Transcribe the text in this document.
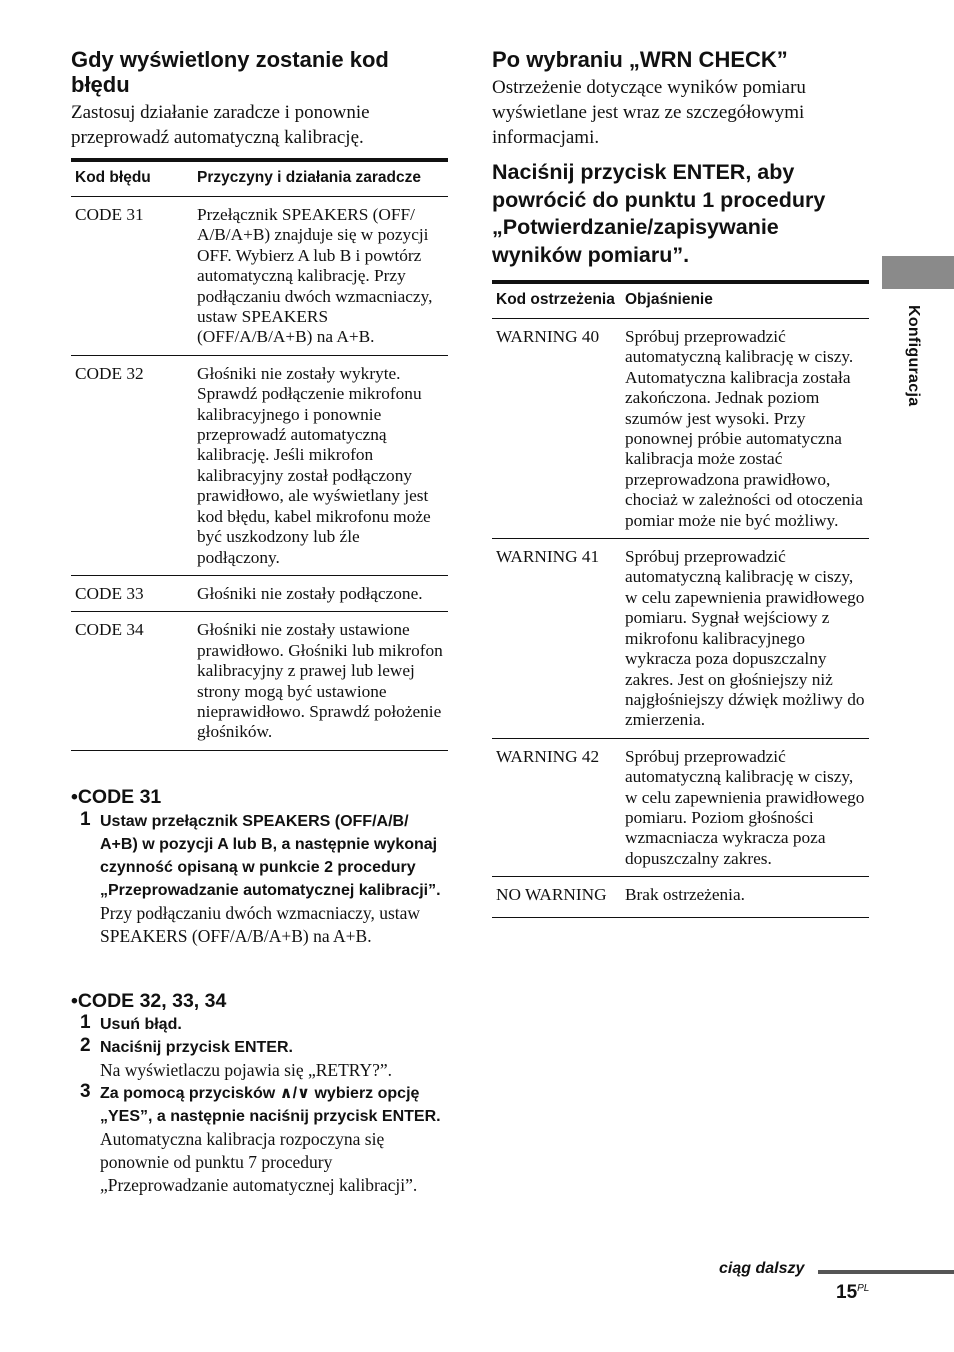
Gdy wyświetlony zostanie kod błędu

Zastosuj działanie zaradcze i ponownie przeprowadź automatyczną kalibrację.

Kod błędu	Przyczyny i działania zaradcze
CODE 31	Przełącznik SPEAKERS (OFF/ A/B/A+B) znajduje się w pozycji OFF. Wybierz A lub B i powtórz automatyczną kalibrację. Przy podłączaniu dwóch wzmacniaczy, ustaw SPEAKERS (OFF/A/B/A+B) na A+B.
CODE 32	Głośniki nie zostały wykryte. Sprawdź podłączenie mikrofonu kalibracyjnego i ponownie przeprowadź automatyczną kalibrację. Jeśli mikrofon kalibracyjny został podłączony prawidłowo, ale wyświetlany jest kod błędu, kabel mikrofonu może być uszkodzony lub źle podłączony.
CODE 33	Głośniki nie zostały podłączone.
CODE 34	Głośniki nie zostały ustawione prawidłowo. Głośniki lub mikrofon kalibracyjny z prawej lub lewej strony mogą być ustawione nieprawidłowo. Sprawdź położenie głośników.

•CODE 31

1 Ustaw przełącznik SPEAKERS (OFF/A/B/ A+B) w pozycji A lub B, a następnie wykonaj czynność opisaną w punkcie 2 procedury „Przeprowadzanie automatycznej kalibracji”.
Przy podłączaniu dwóch wzmacniaczy, ustaw SPEAKERS (OFF/A/B/A+B) na A+B.

•CODE 32, 33, 34

1 Usuń błąd.
2 Naciśnij przycisk ENTER.
Na wyświetlaczu pojawia się „RETRY?”.
3 Za pomocą przycisków ∧/∨ wybierz opcję „YES”, a następnie naciśnij przycisk ENTER.
Automatyczna kalibracja rozpoczyna się ponownie od punktu 7 procedury „Przeprowadzanie automatycznej kalibracji”.
Po wybraniu „WRN CHECK”

Ostrzeżenie dotyczące wyników pomiaru wyświetlane jest wraz ze szczegółowymi informacjami.

Naciśnij przycisk ENTER, aby powrócić do punktu 1 procedury „Potwierdzanie/zapisywanie wyników pomiaru”.
Kod ostrzeżenia	Objaśnienie
WARNING 40	Spróbuj przeprowadzić automatyczną kalibrację w ciszy. Automatyczna kalibracja została zakończona. Jednak poziom szumów jest wysoki. Przy ponownej próbie automatyczna kalibracja może zostać przeprowadzona prawidłowo, chociaż w zależności od otoczenia pomiar może nie być możliwy.
WARNING 41	Spróbuj przeprowadzić automatyczną kalibrację w ciszy, w celu zapewnienia prawidłowego pomiaru. Sygnał wejściowy z mikrofonu kalibracyjnego wykracza poza dopuszczalny zakres. Jest on głośniejszy niż najgłośniejszy dźwięk możliwy do zmierzenia.
WARNING 42	Spróbuj przeprowadzić automatyczną kalibrację w ciszy, w celu zapewnienia prawidłowego pomiaru. Poziom głośności wzmacniacza wykracza poza dopuszczalny zakres.
NO WARNING	Brak ostrzeżenia.
Konfiguracja
ciąg dalszy
$15^{PL}$
